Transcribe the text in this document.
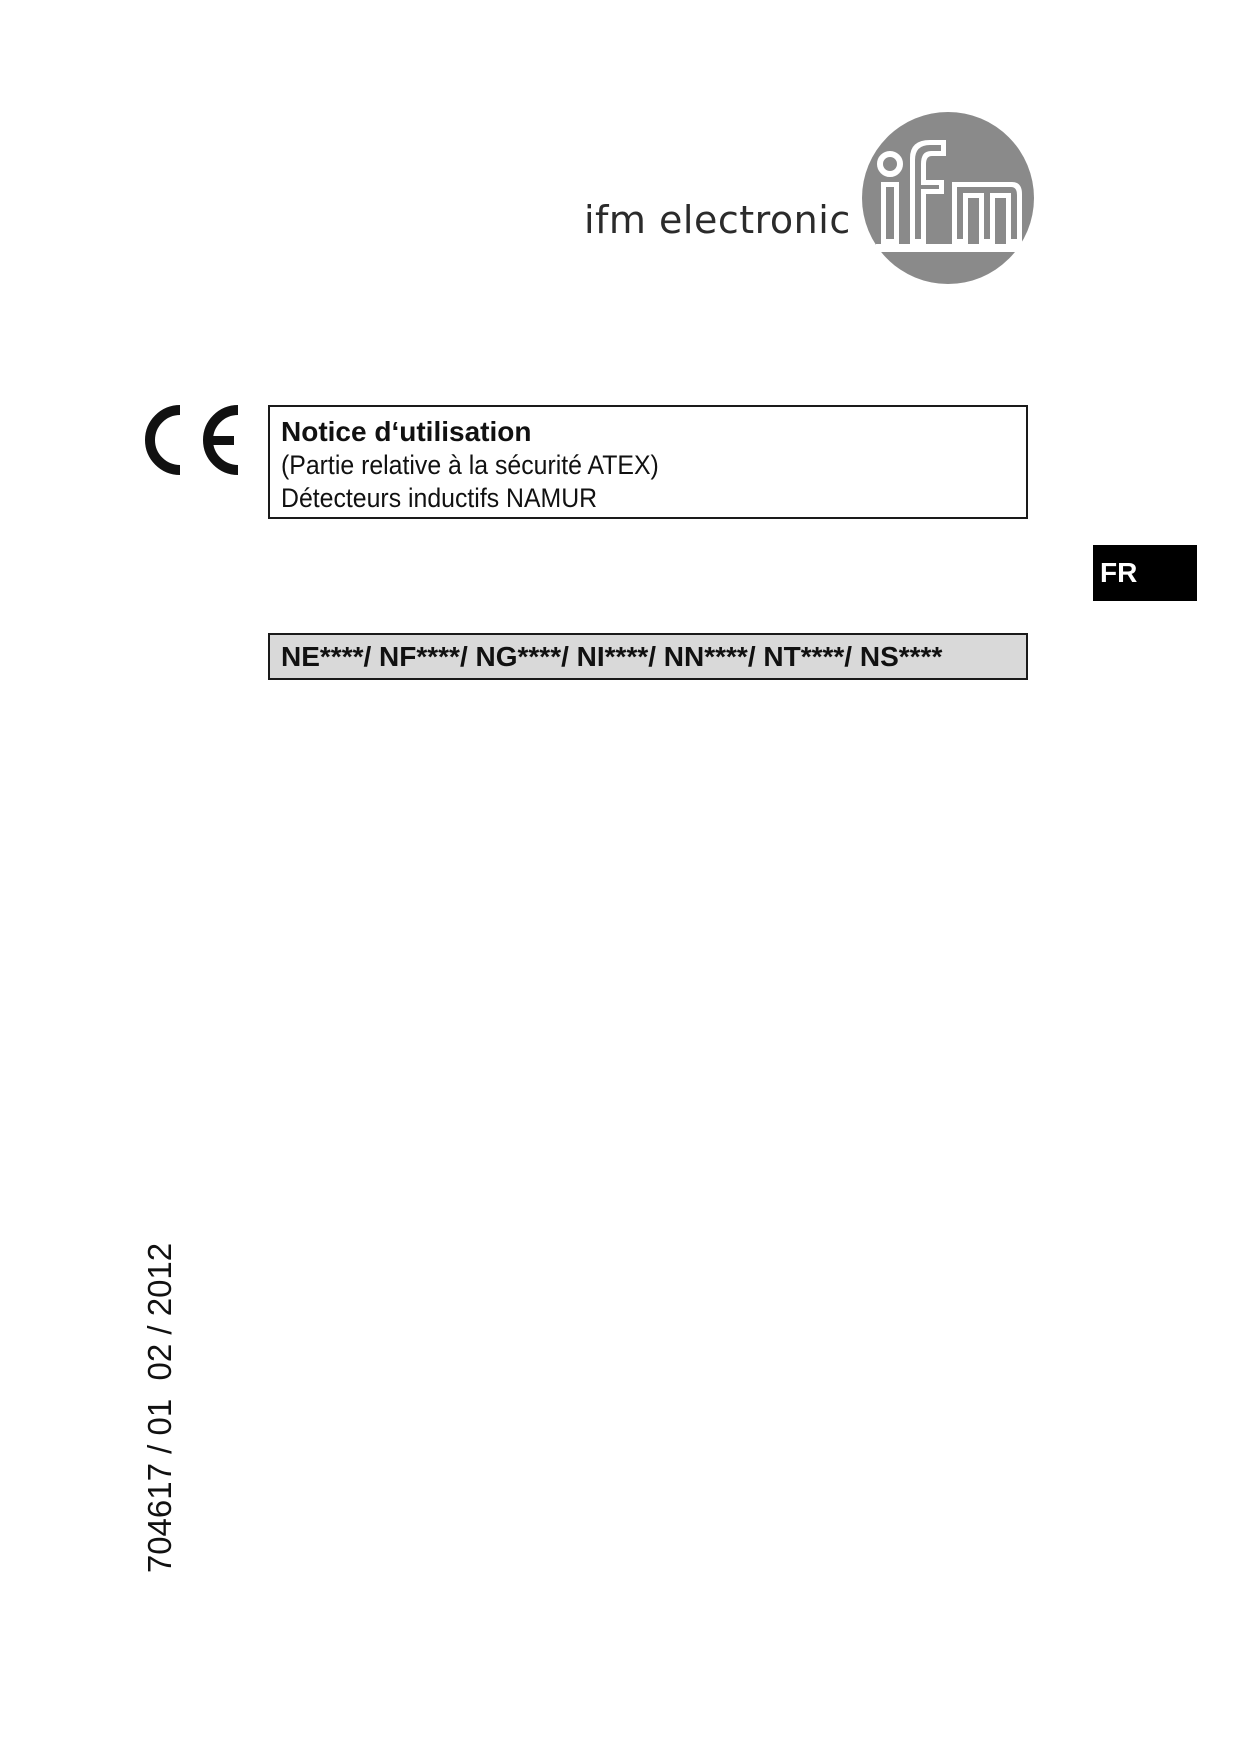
ifm electronic

Notice d‘utilisation

(Partie relative à la sécurité ATEX)

Détecteurs inductifs NAMUR

FR
NE****/ NF****/ NG****/ NI****/ NN****/ NT****/ NS****
704617 / 01  02 / 2012
